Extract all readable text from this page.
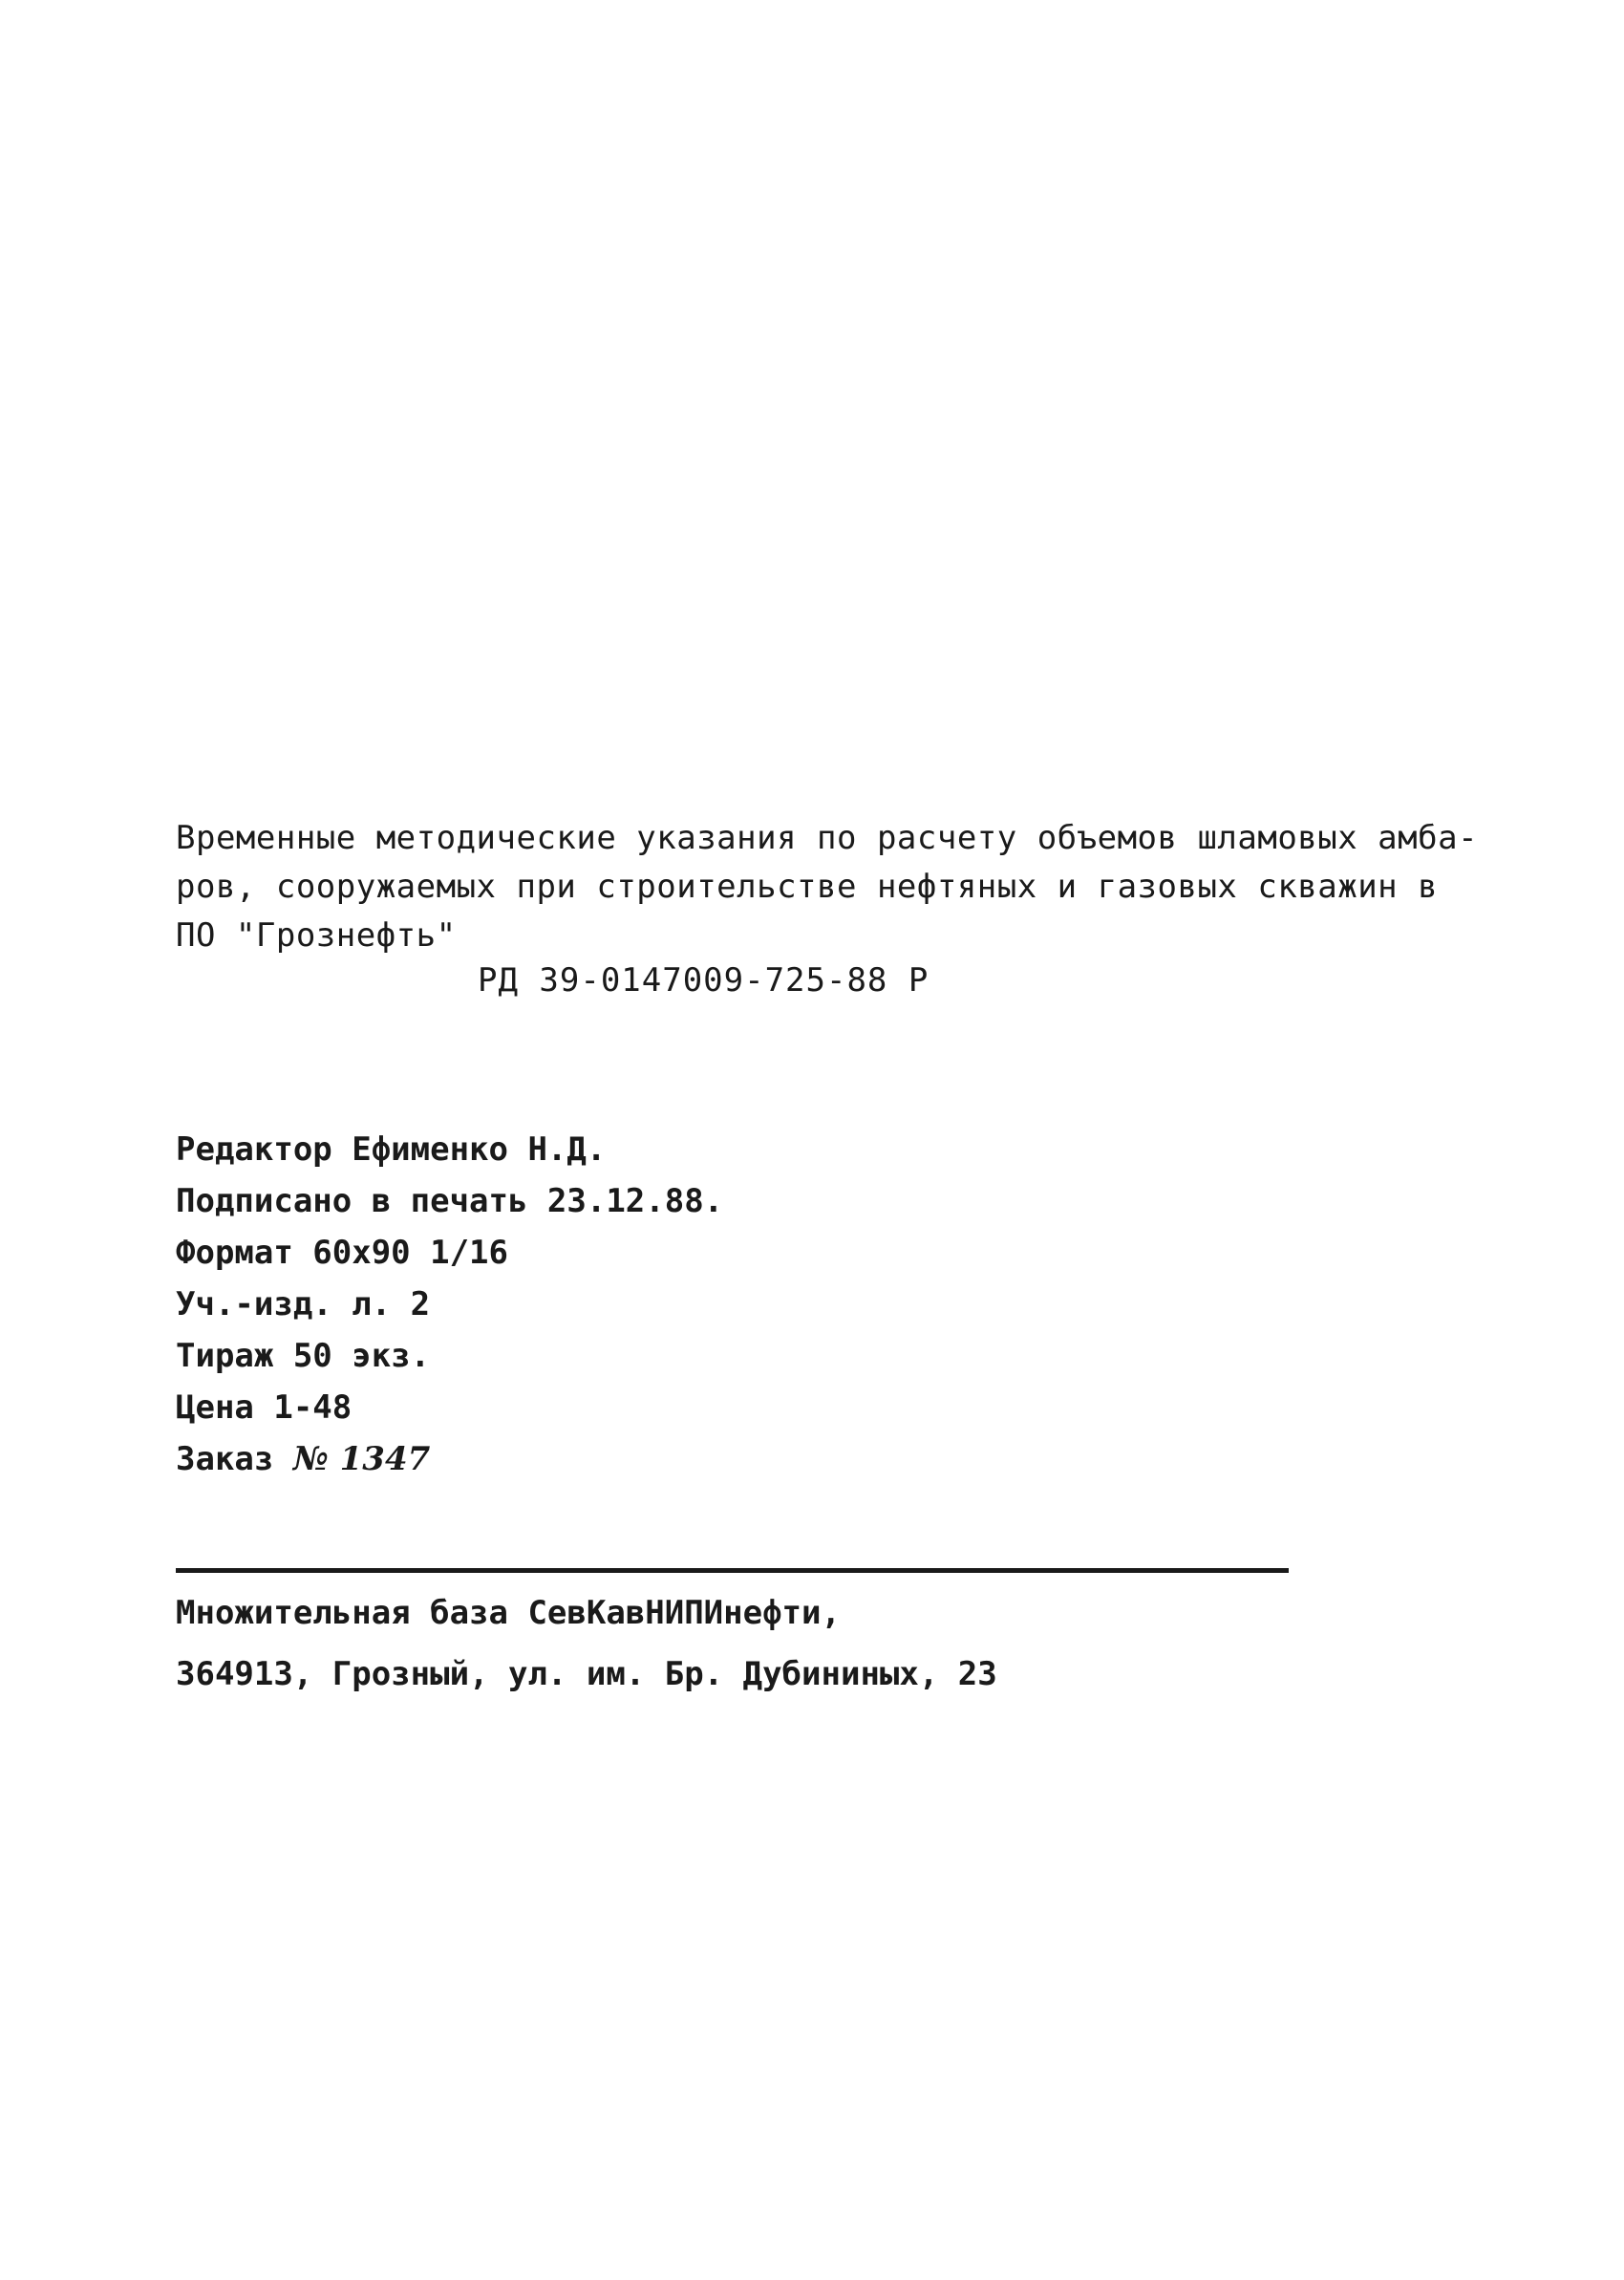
Временные методические указания по расчету объемов шламовых амба-
ров, сооружаемых при строительстве нефтяных и газовых скважин в
ПО "Грознефть"
РД 39-0147009-725-88 Р
Редактор Ефименко Н.Д.
Подписано в печать 23.12.88.
Формат 60х90 1/16
Уч.-изд. л. 2
Тираж 50 экз.
Цена 1-48
Заказ № 1347
Множительная база СевКавНИПИнефти,
364913, Грозный, ул. им. Бр. Дубининых, 23
